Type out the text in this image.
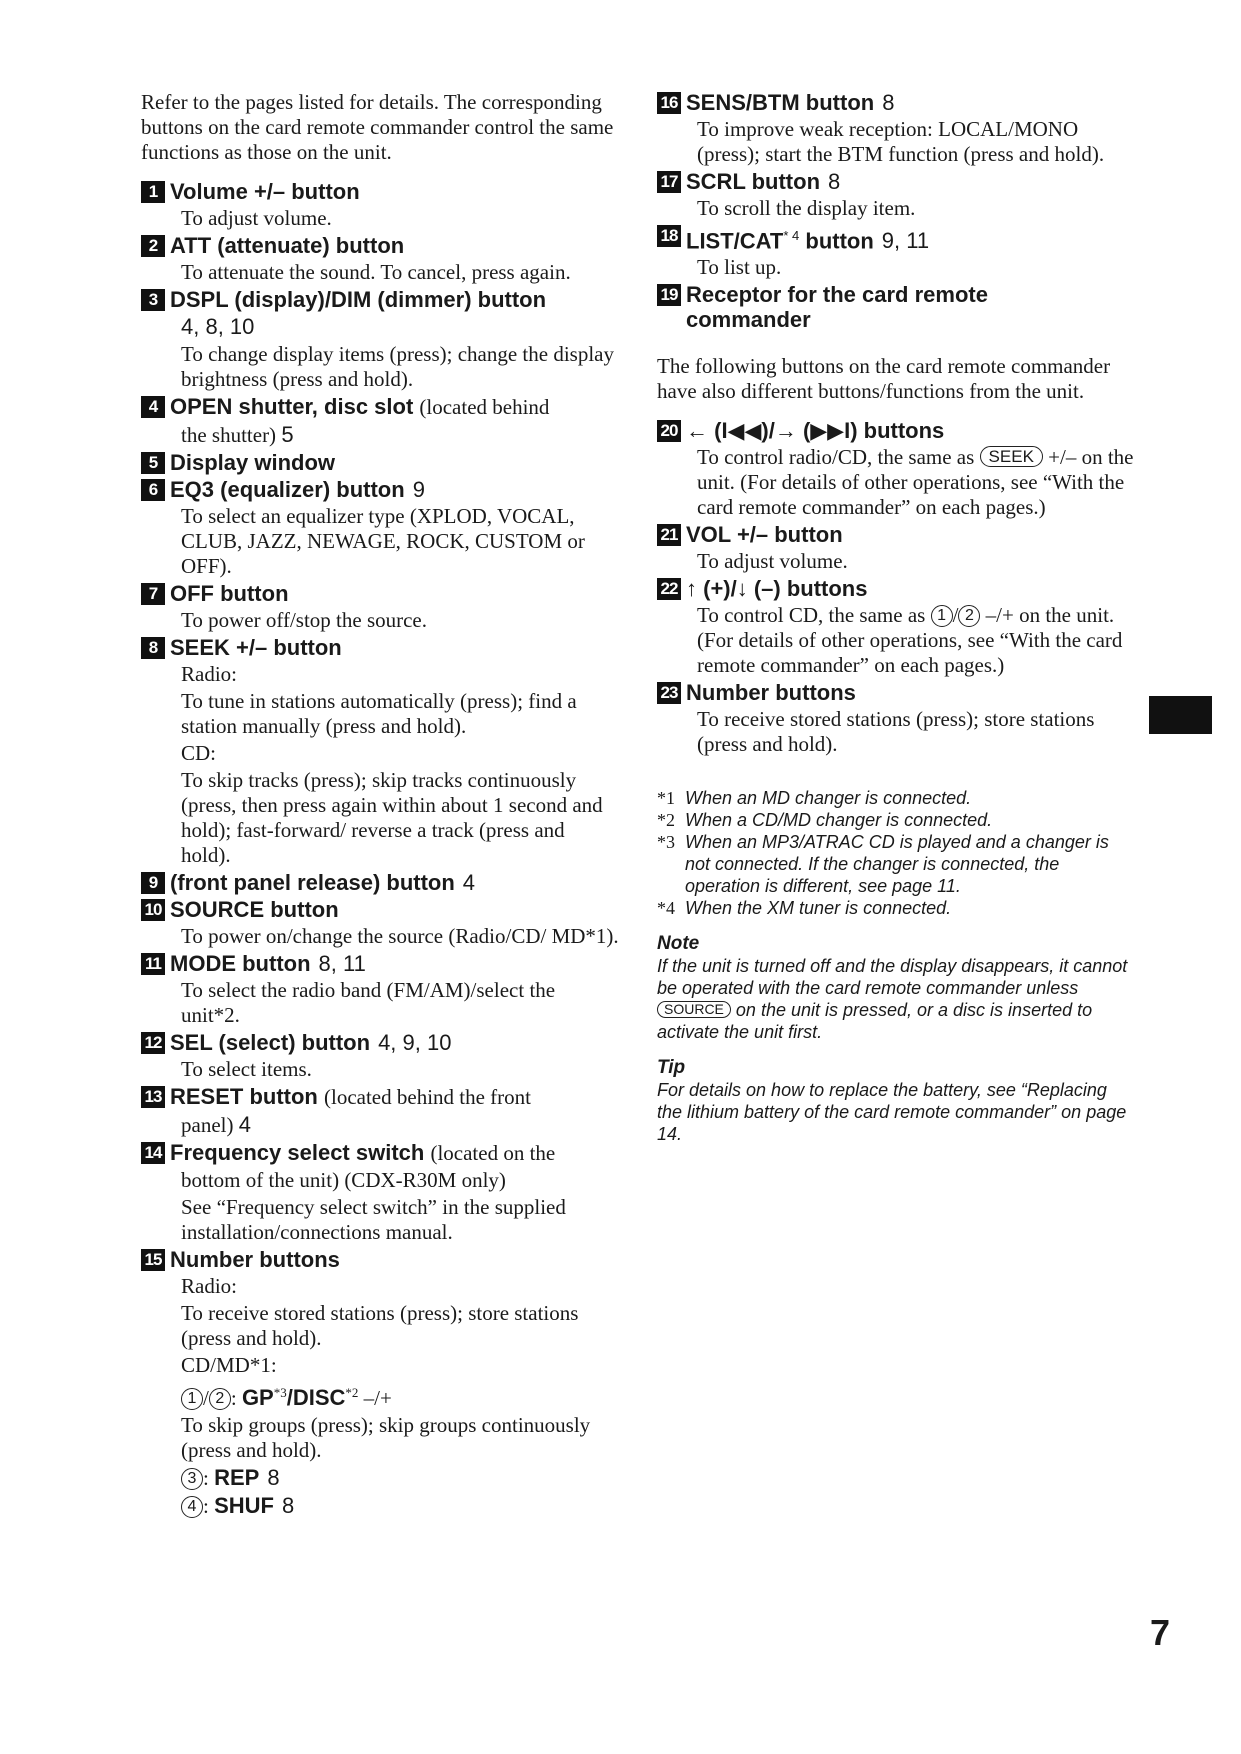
Refer to the pages listed for details. The corresponding buttons on the card remote commander control the same functions as those on the unit.

1 Volume +/– button
To adjust volume.
2 ATT (attenuate) button
To attenuate the sound. To cancel, press again.
3 DSPL (display)/DIM (dimmer) button
4, 8, 10
To change display items (press); change the display brightness (press and hold).
4 OPEN shutter, disc slot (located behind
the shutter) 5
5 Display window
6 EQ3 (equalizer) button 9
To select an equalizer type (XPLOD, VOCAL, CLUB, JAZZ, NEWAGE, ROCK, CUSTOM or OFF).
7 OFF button
To power off/stop the source.
8 SEEK +/– button
Radio:
To tune in stations automatically (press); find a station manually (press and hold).
CD:
To skip tracks (press); skip tracks continuously (press, then press again within about 1 second and hold); fast-forward/ reverse a track (press and hold).
9 (front panel release) button 4
10 SOURCE button
To power on/change the source (Radio/CD/ MD*1).
11 MODE button 8, 11
To select the radio band (FM/AM)/select the unit*2.
12 SEL (select) button 4, 9, 10
To select items.
13 RESET button (located behind the front
panel) 4
14 Frequency select switch (located on the
bottom of the unit) (CDX-R30M only)
See “Frequency select switch” in the supplied installation/connections manual.
15 Number buttons
Radio:
To receive stored stations (press); store stations (press and hold).
CD/MD*1:
1 / 2 : GP$^{*3}$/DISC$^{*2}$ –/+
To skip groups (press); skip groups continuously (press and hold).
3 : REP 8
4 : SHUF 8
16 SENS/BTM button 8
To improve weak reception: LOCAL/MONO (press); start the BTM function (press and hold).
17 SCRL button 8
To scroll the display item.
18 LIST/CAT$^{* 4}$ button 9, 11
To list up.
19 Receptor for the card remote commander

The following buttons on the card remote commander have also different buttons/functions from the unit.

20 ← (I◀◀)/→ (▶▶I) buttons
To control radio/CD, the same as SEEK +/– on the unit. (For details of other operations, see “With the card remote commander” on each pages.)
21 VOL +/– button
To adjust volume.
22 ↑ (+)/↓ (–) buttons
To control CD, the same as 1 / 2 –/+ on the unit. (For details of other operations, see “With the card remote commander” on each pages.)
23 Number buttons
To receive stored stations (press); store stations (press and hold).

*1 When an MD changer is connected.

*2 When a CD/MD changer is connected.

*3 When an MP3/ATRAC CD is played and a changer is not connected. If the changer is connected, the operation is different, see page 11.

*4 When the XM tuner is connected.

Note

If the unit is turned off and the display disappears, it cannot be operated with the card remote commander unless SOURCE on the unit is pressed, or a disc is inserted to activate the unit first.

Tip

For details on how to replace the battery, see “Replacing the lithium battery of the card remote commander” on page 14.

7
